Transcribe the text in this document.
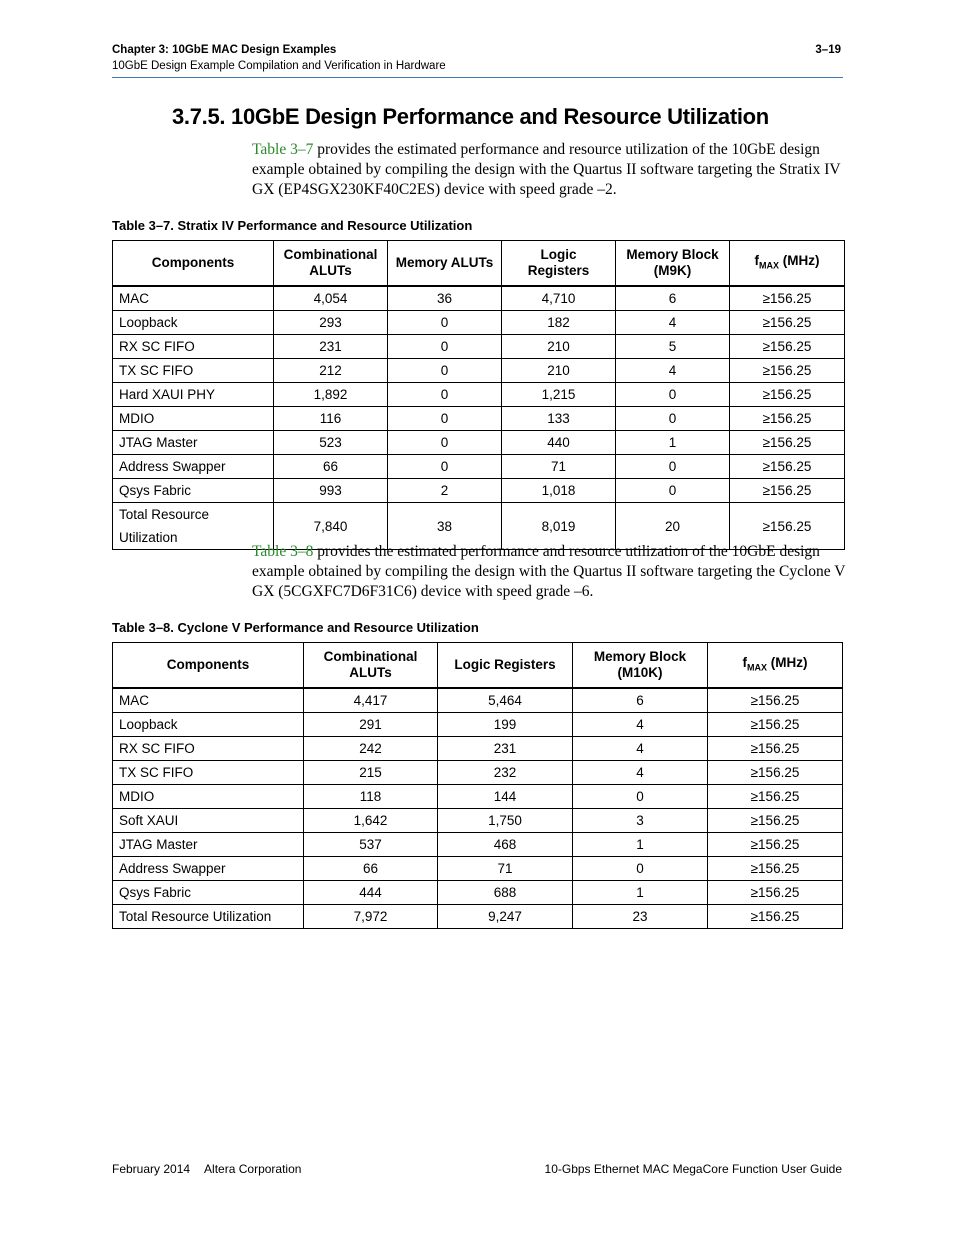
Chapter 3: 10GbE MAC Design Examples
10GbE Design Example Compilation and Verification in Hardware
3–19
3.7.5. 10GbE Design Performance and Resource Utilization

Table 3–7 provides the estimated performance and resource utilization of the 10GbE design example obtained by compiling the design with the Quartus II software targeting the Stratix IV GX (EP4SGX230KF40C2ES) device with speed grade –2.

Table 3–7. Stratix IV Performance and Resource Utilization

Components	Combinational ALUTs	Memory ALUTs	Logic Registers	Memory Block (M9K)	$f_{MAX}$ (MHz)
MAC	4,054	36	4,710	6	≥156.25
Loopback	293	0	182	4	≥156.25
RX SC FIFO	231	0	210	5	≥156.25
TX SC FIFO	212	0	210	4	≥156.25
Hard XAUI PHY	1,892	0	1,215	0	≥156.25
MDIO	116	0	133	0	≥156.25
JTAG Master	523	0	440	1	≥156.25
Address Swapper	66	0	71	0	≥156.25
Qsys Fabric	993	2	1,018	0	≥156.25
Total Resource Utilization	7,840	38	8,019	20	≥156.25

Table 3–8 provides the estimated performance and resource utilization of the 10GbE design example obtained by compiling the design with the Quartus II software targeting the Cyclone V GX (5CGXFC7D6F31C6) device with speed grade –6.

Table 3–8. Cyclone V Performance and Resource Utilization

Components	Combinational ALUTs	Logic Registers	Memory Block (M10K)	$f_{MAX}$ (MHz)
MAC	4,417	5,464	6	≥156.25
Loopback	291	199	4	≥156.25
RX SC FIFO	242	231	4	≥156.25
TX SC FIFO	215	232	4	≥156.25
MDIO	118	144	0	≥156.25
Soft XAUI	1,642	1,750	3	≥156.25
JTAG Master	537	468	1	≥156.25
Address Swapper	66	71	0	≥156.25
Qsys Fabric	444	688	1	≥156.25
Total Resource Utilization	7,972	9,247	23	≥156.25
February 2014 Altera Corporation	10-Gbps Ethernet MAC MegaCore Function User Guide
